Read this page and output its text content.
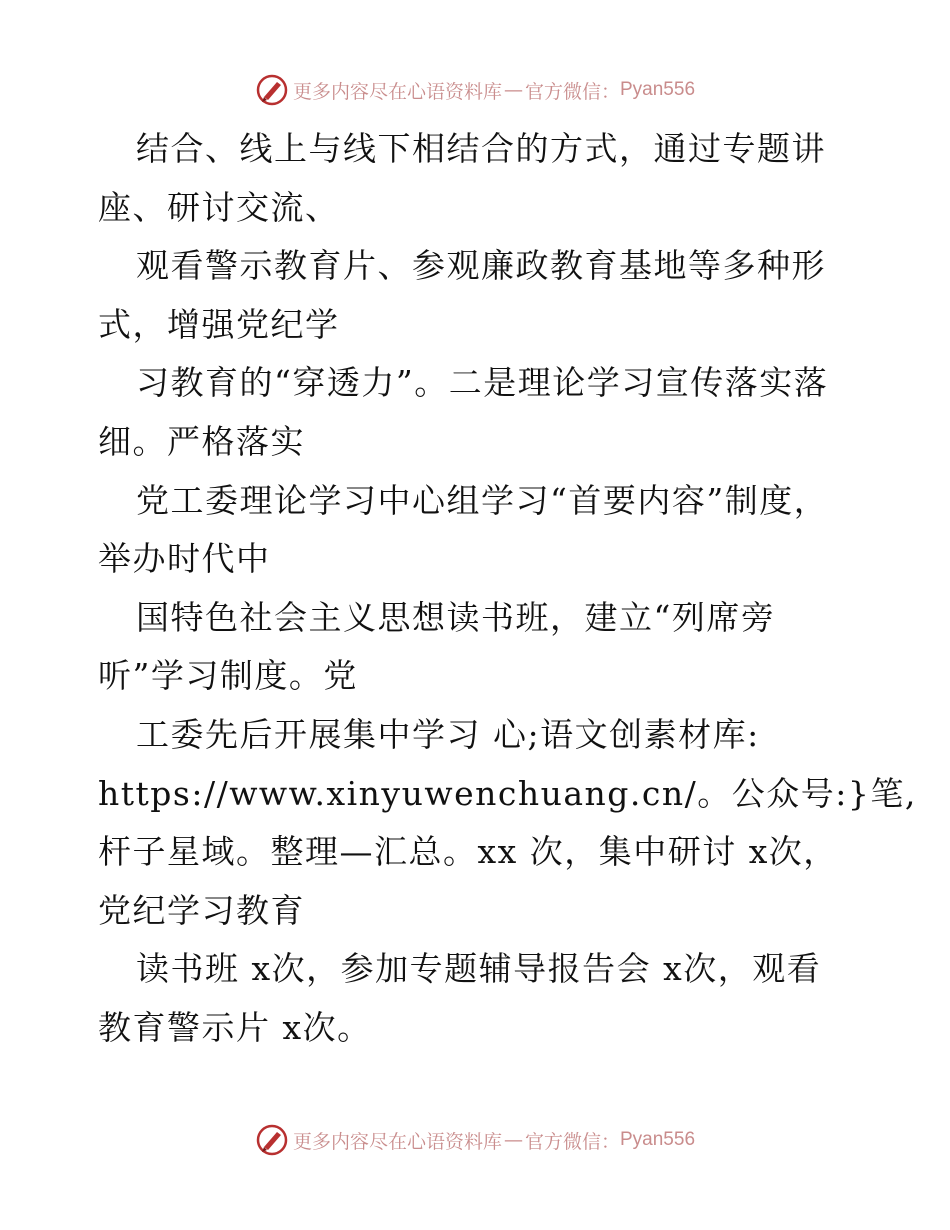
更多内容尽在心语资料库 — 官方微信： Pyan556
结合、线上与线下相结合的方式，通过专题讲
座、研讨交流、
观看警示教育片、参观廉政教育基地等多种形
式，增强党纪学
习教育的“穿透力”。二是理论学习宣传落实落
细。严格落实
党工委理论学习中心组学习“首要内容”制度，
举办时代中
国特色社会主义思想读书班，建立“列席旁
听”学习制度。党
工委先后开展集中学习 心;语文创素材库:
https://www.xinyuwenchuang.cn/。公众号:}笔,
杆子星域。整理—汇总。xx 次，集中研讨 x次，
党纪学习教育
读书班 x次，参加专题辅导报告会 x次，观看
教育警示片 x次。
更多内容尽在心语资料库 — 官方微信： Pyan556
